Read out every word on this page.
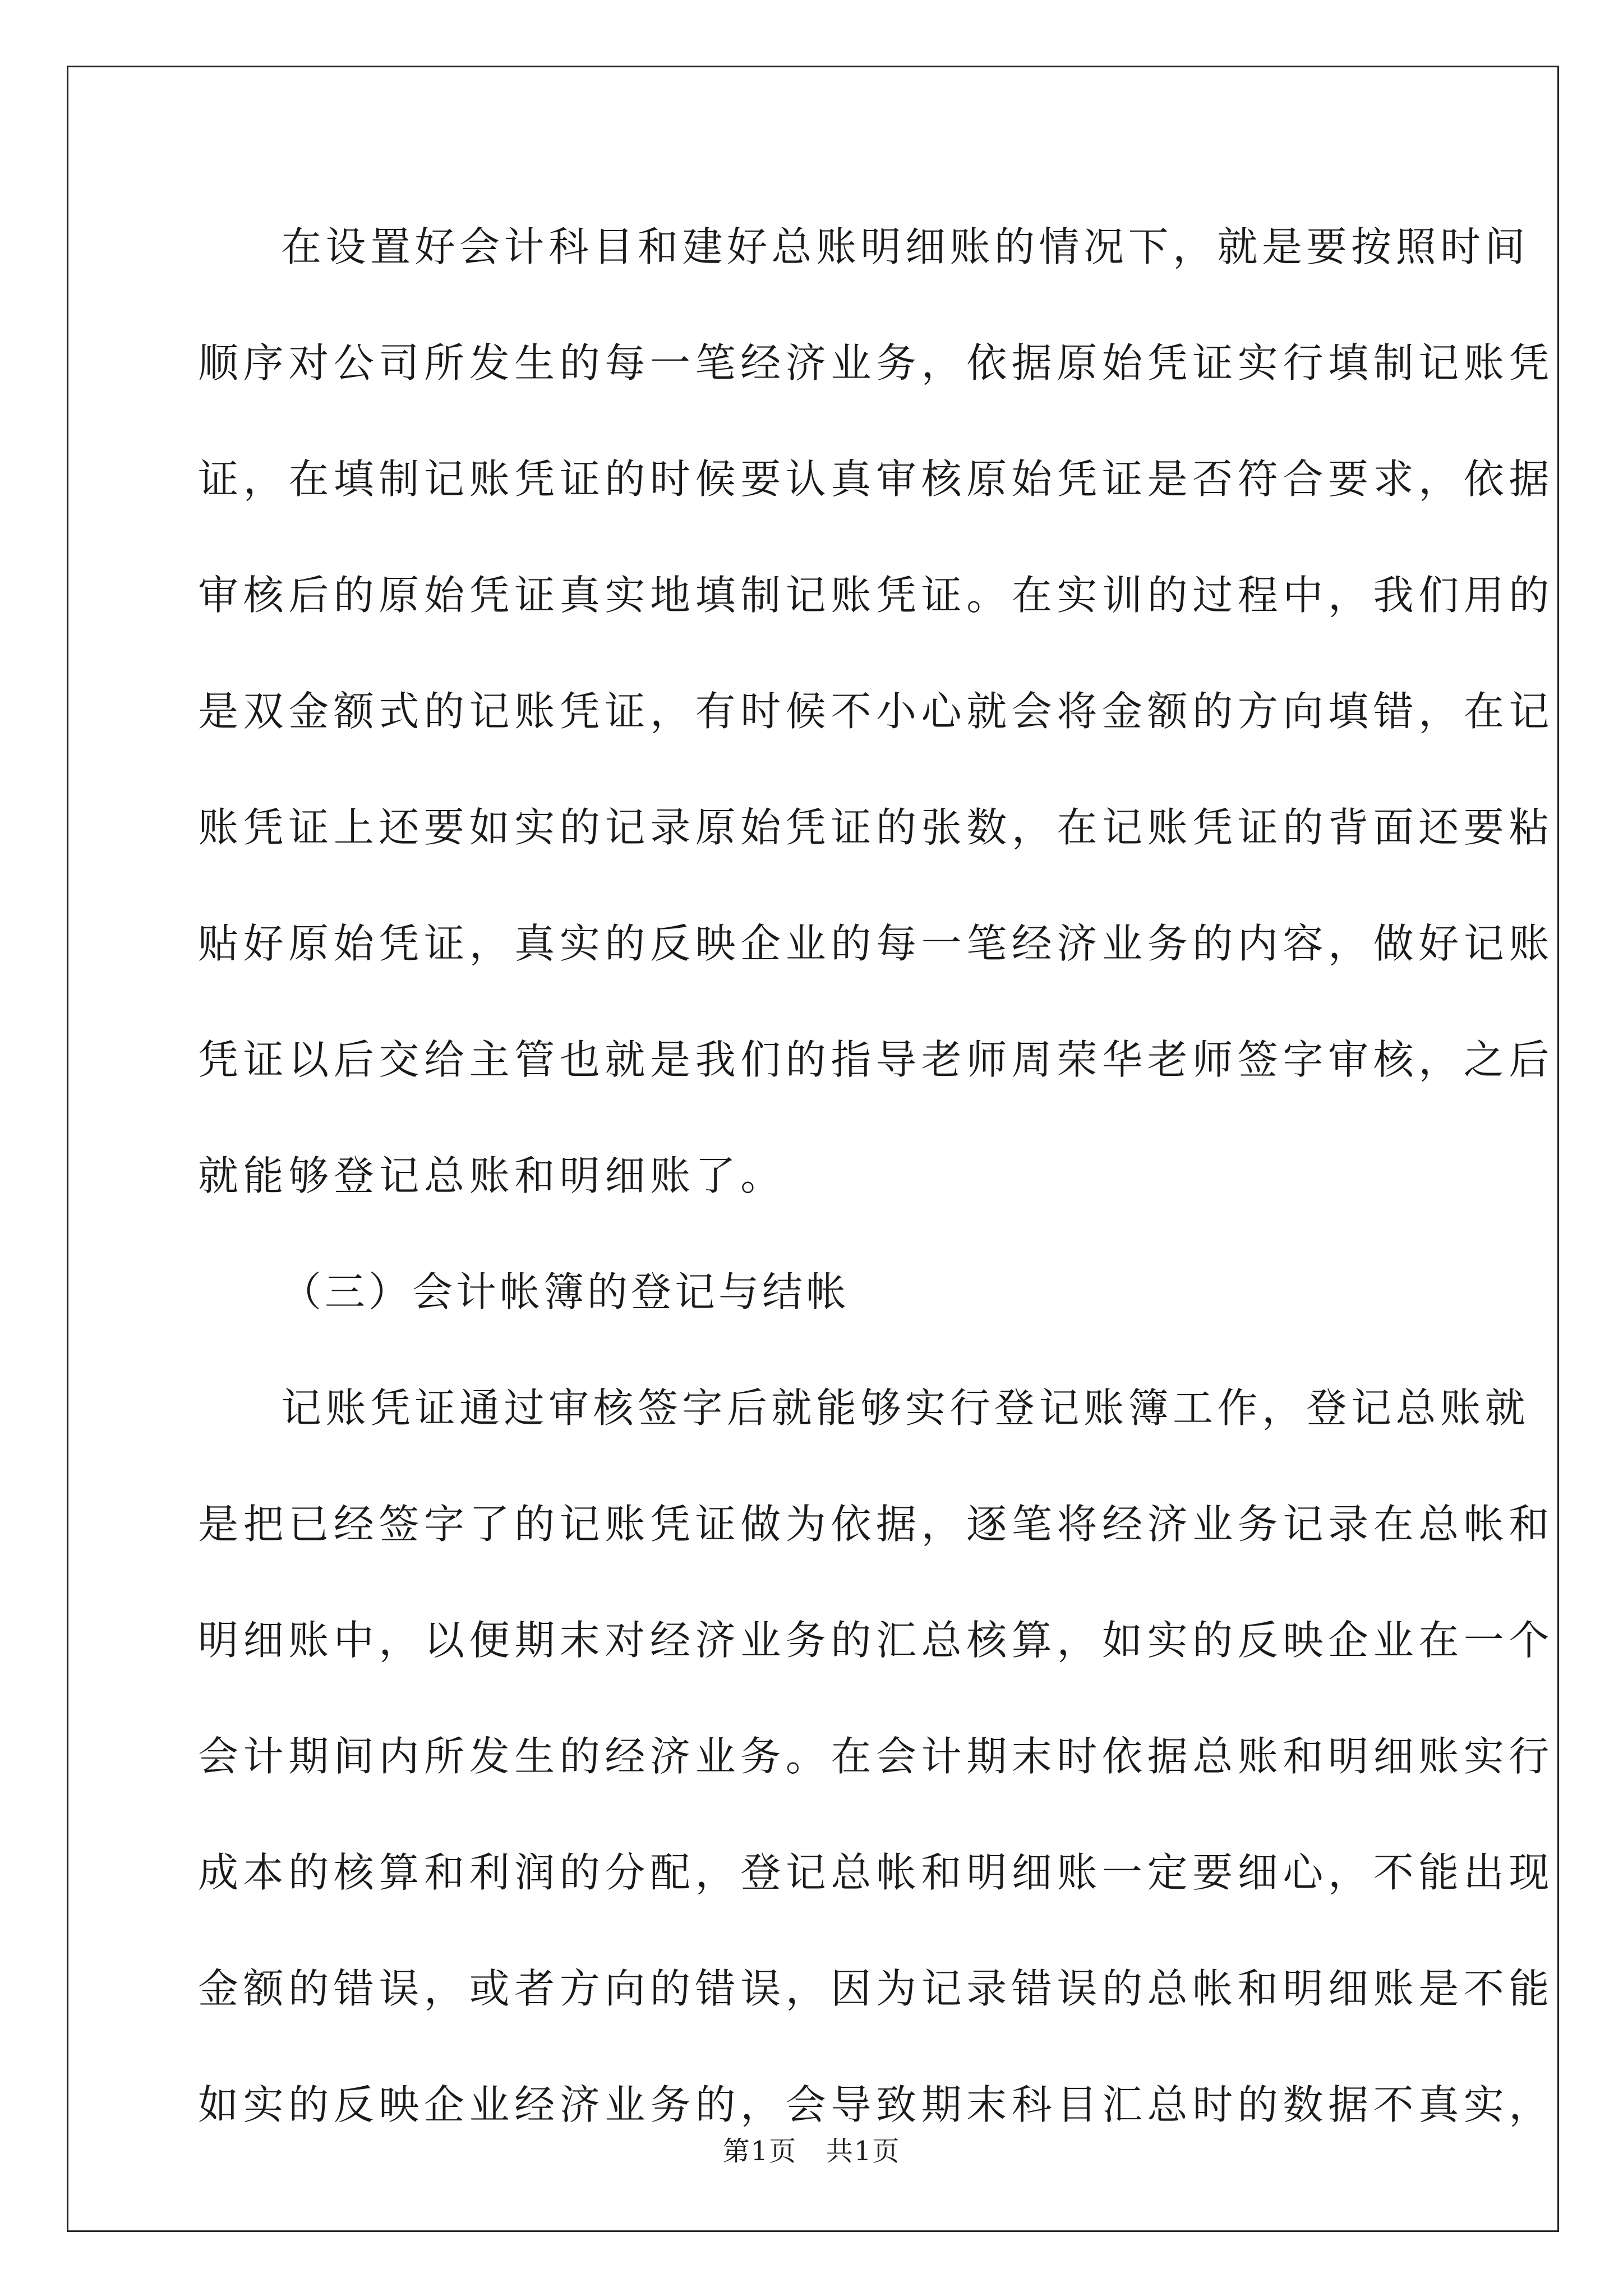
在设置好会计科目和建好总账明细账的情况下，就是要按照时间
顺序对公司所发生的每一笔经济业务，依据原始凭证实行填制记账凭
证，在填制记账凭证的时候要认真审核原始凭证是否符合要求，依据
审核后的原始凭证真实地填制记账凭证。在实训的过程中，我们用的
是双金额式的记账凭证，有时候不小心就会将金额的方向填错，在记
账凭证上还要如实的记录原始凭证的张数，在记账凭证的背面还要粘
贴好原始凭证，真实的反映企业的每一笔经济业务的内容，做好记账
凭证以后交给主管也就是我们的指导老师周荣华老师签字审核，之后
就能够登记总账和明细账了。
（三）会计帐簿的登记与结帐
记账凭证通过审核签字后就能够实行登记账簿工作，登记总账就
是把已经签字了的记账凭证做为依据，逐笔将经济业务记录在总帐和
明细账中，以便期末对经济业务的汇总核算，如实的反映企业在一个
会计期间内所发生的经济业务。在会计期末时依据总账和明细账实行
成本的核算和利润的分配，登记总帐和明细账一定要细心，不能出现
金额的错误，或者方向的错误，因为记录错误的总帐和明细账是不能
如实的反映企业经济业务的，会导致期末科目汇总时的数据不真实，
第1页   共1页
